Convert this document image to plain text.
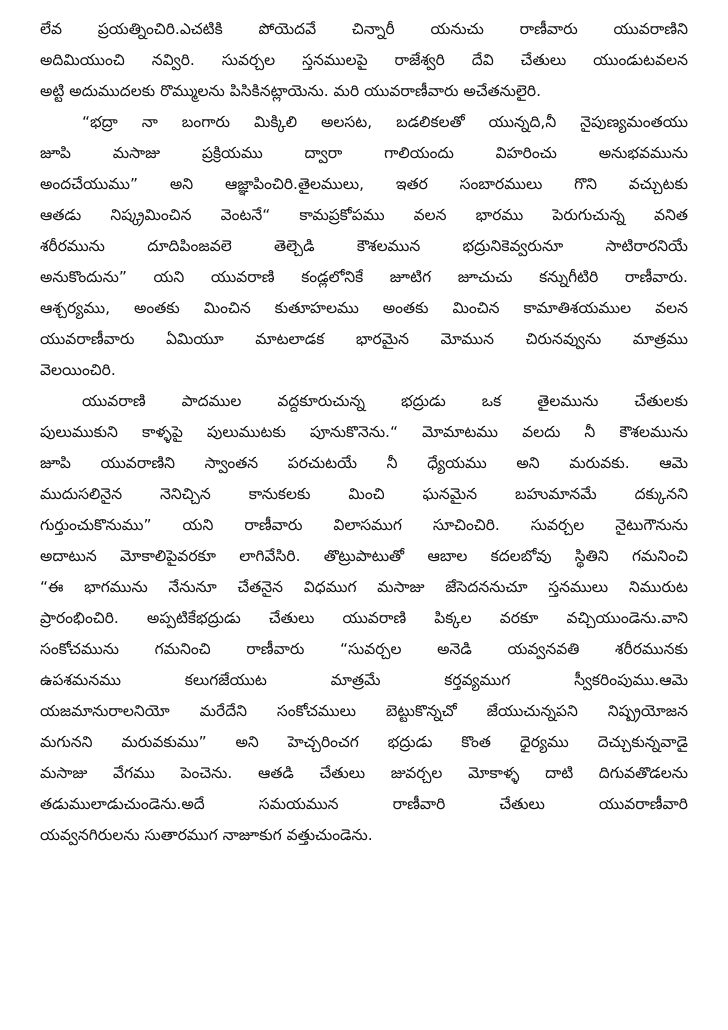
లేవ ప్రయత్నించిరి.ఎచటికి పోయెదవే చిన్నారీ యనుచు రాణీవారు యువరాణిని
అదిమియుంచి నవ్విరి. సువర్చల స్తనములపై రాజేశ్వరి దేవి చేతులు యుండుటవలన
అట్టి అదుముదలకు రొమ్ములను పిసికినట్లాయెను. మరి యువరాణీవారు అచేతనులైరి.
“భద్రా నా బంగారు మిక్కిలి అలసట, బడలికలతో యున్నది,నీ నైపుణ్యమంతయు
జూపి మసాజు ప్రక్రియము ద్వారా గాలియందు విహరించు అనుభవమును
అందచేయుము” అని ఆజ్ఞాపించిరి.తైలములు, ఇతర సంబారములు గొని వచ్చుటకు
ఆతడు నిష్క్రమించిన వెంటనే“ కామప్రకోపము వలన భారము పెరుగుచున్న వనిత
శరీరమును దూదిపింజవలె తెల్చెడి కౌశలమున భద్రునికెవ్వరునూ సాటిరారనియే
అనుకొందును” యని యువరాణి కండ్లలోనికే జూటిగ జూచుచు కన్నుగీటిరి రాణీవారు.
ఆశ్చర్యము, అంతకు మించిన కుతూహలము అంతకు మించిన కామాతిశయముల వలన
యువరాణీవారు ఏమియూ మాటలాడక భారమైన మోమున చిరునవ్వును మాత్రము
వెలయించిరి.
యువరాణి పాదముల వద్దకూరుచున్న భద్రుడు ఒక తైలమును చేతులకు
పులుముకుని కాళ్ళపై పులుముటకు పూనుకొనెను.“ మోమాటము వలదు నీ కౌశలమును
జూపి యువరాణిని స్వాంతన పరచుటయే నీ ధ్యేయము అని మరువకు. ఆమె
ముదుసలినైన నెనిచ్చిన కానుకలకు మించి ఘనమైన బహుమానమే దక్కునని
గుర్తుంచుకొనుము” యని రాణీవారు విలాసముగ సూచించిరి. సువర్చల నైటుగౌనును
అదాటున మోకాలిపైవరకూ లాగివేసిరి. తొట్రుపాటుతో ఆబాల కదలబోవు స్థితిని గమనించి
“ఈ భాగమును నేనునూ చేతనైన విధముగ మసాజు జేసెదననుచూ స్తనములు నిమురుట
ప్రారంభించిరి. అప్పటికేభద్రుడు చేతులు యువరాణి పిక్కల వరకూ వచ్చియుండెను.వాని
సంకోచమును గమనించి రాణీవారు “సువర్చల అనెడి యవ్వనవతి శరీరమునకు
ఉపశమనము కలుగజేయుట మాత్రమే కర్తవ్యముగ స్వీకరింపుము.ఆమె
యజమానురాలనియో మరేదేని సంకోచములు బెట్టుకొన్నచో జేయుచున్నపని నిష్ప్రయోజన
మగునని మరువకుము” అని హెచ్చరించగ భద్రుడు కొంత ధైర్యము దెచ్చుకున్నవాడై
మసాజు వేగము పెంచెను. ఆతడి చేతులు జువర్చల మోకాళ్ళ దాటి దిగువతొడలను
తడుములాడుచుండెను.అదే సమయమున రాణీవారి చేతులు యువరాణీవారి
యవ్వనగిరులను సుతారముగ నాజూకుగ వత్తుచుండెను.
